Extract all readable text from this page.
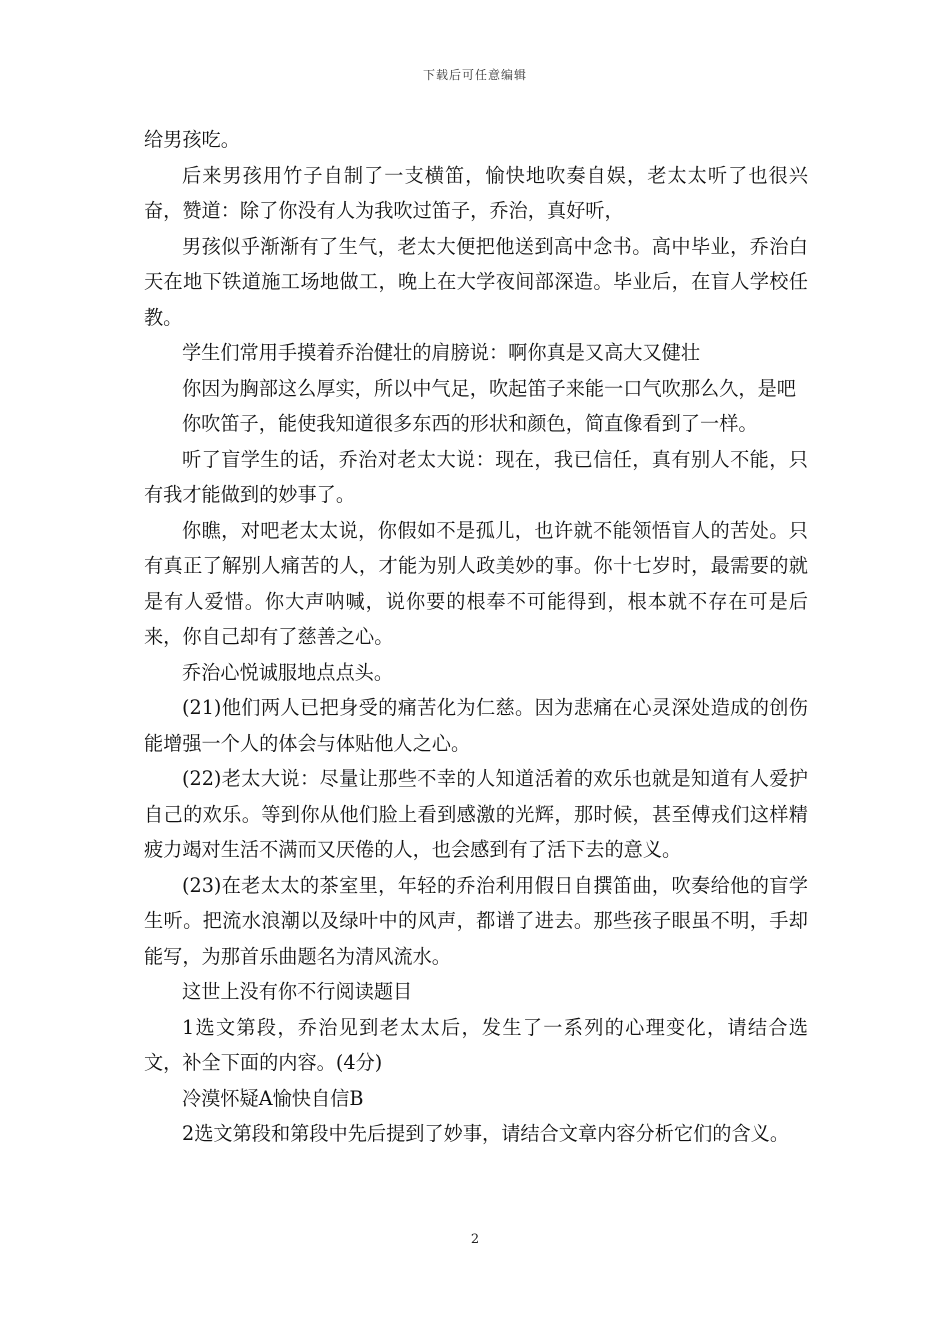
下载后可任意编辑

给男孩吃。

后来男孩用竹子自制了一支横笛，愉快地吹奏自娱，老太太听了也很兴奋，赞道：除了你没有人为我吹过笛子，乔治，真好听，

男孩似乎渐渐有了生气，老太大便把他送到高中念书。高中毕业，乔治白天在地下铁道施工场地做工，晚上在大学夜间部深造。毕业后，在盲人学校任教。

学生们常用手摸着乔治健壮的肩膀说：啊你真是又高大又健壮

你因为胸部这么厚实，所以中气足，吹起笛子来能一口气吹那么久，是吧

你吹笛子，能使我知道很多东西的形状和颜色，简直像看到了一样。

听了盲学生的话，乔治对老太大说：现在，我已信任，真有别人不能，只有我才能做到的妙事了。

你瞧，对吧老太太说，你假如不是孤儿，也许就不能领悟盲人的苦处。只有真正了解别人痛苦的人，才能为别人政美妙的事。你十七岁时，最需要的就是有人爱惜。你大声呐喊，说你要的根奉不可能得到，根本就不存在可是后来，你自己却有了慈善之心。

乔治心悦诚服地点点头。

(21)他们两人已把身受的痛苦化为仁慈。因为悲痛在心灵深处造成的创伤能增强一个人的体会与体贴他人之心。

(22)老太大说：尽量让那些不幸的人知道活着的欢乐也就是知道有人爱护自己的欢乐。等到你从他们脸上看到感激的光辉，那时候，甚至傅戎们这样精疲力竭对生活不满而又厌倦的人，也会感到有了活下去的意义。

(23)在老太太的茶室里，年轻的乔治利用假日自撰笛曲，吹奏给他的盲学生听。把流水浪潮以及绿叶中的风声，都谱了进去。那些孩子眼虽不明，手却能写，为那首乐曲题名为清风流水。

这世上没有你不行阅读题目

1选文第段，乔治见到老太太后，发生了一系列的心理变化，请结合选文，补全下面的内容。(4分)

冷漠怀疑A愉快自信B

2选文第段和第段中先后提到了妙事，请结合文章内容分析它们的含义。

2
